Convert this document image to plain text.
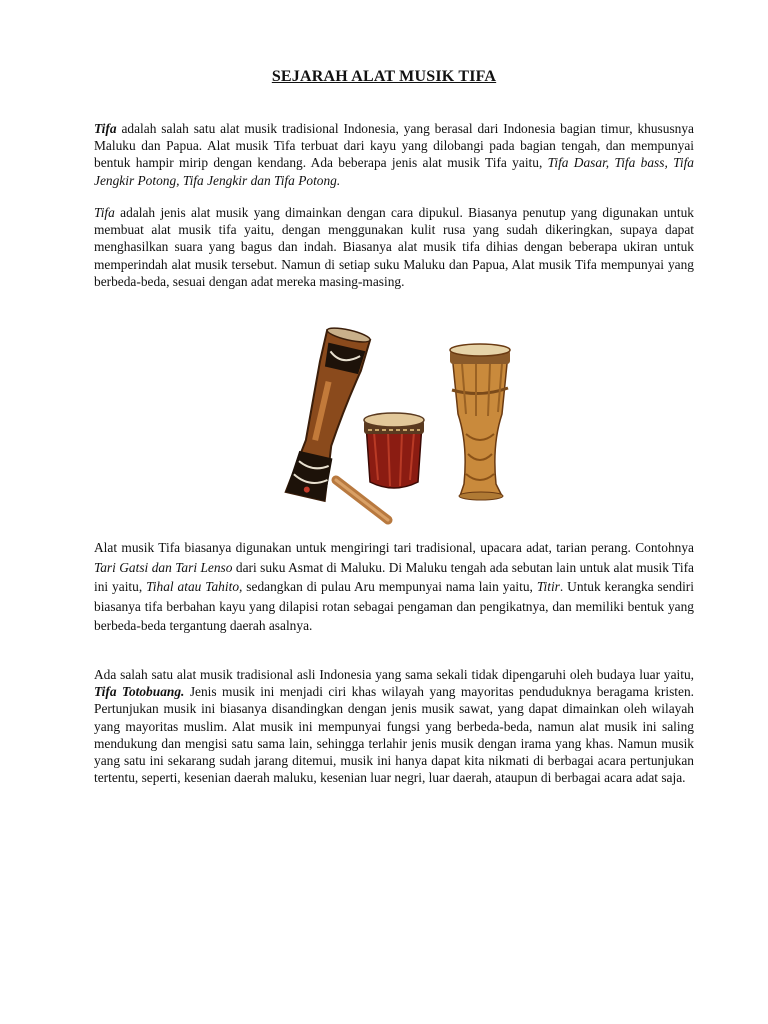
SEJARAH ALAT MUSIK TIFA

Tifa adalah salah satu alat musik tradisional Indonesia, yang berasal dari Indonesia bagian timur, khususnya Maluku dan Papua. Alat musik Tifa terbuat dari kayu yang dilobangi pada bagian tengah, dan mempunyai bentuk hampir mirip dengan kendang. Ada beberapa jenis alat musik Tifa yaitu, Tifa Dasar, Tifa bass, Tifa Jengkir Potong, Tifa Jengkir dan Tifa Potong.

Tifa adalah jenis alat musik yang dimainkan dengan cara dipukul. Biasanya penutup yang digunakan untuk membuat alat musik tifa yaitu, dengan menggunakan kulit rusa yang sudah dikeringkan, supaya dapat menghasilkan suara yang bagus dan indah. Biasanya alat musik tifa dihias dengan beberapa ukiran untuk memperindah alat musik tersebut. Namun di setiap suku Maluku dan Papua, Alat musik Tifa mempunyai yang berbeda-beda, sesuai dengan adat mereka masing-masing.

Alat musik Tifa biasanya digunakan untuk mengiringi tari tradisional, upacara adat, tarian perang. Contohnya Tari Gatsi dan Tari Lenso dari suku Asmat di Maluku. Di Maluku tengah ada sebutan lain untuk alat musik Tifa ini yaitu, Tihal atau Tahito, sedangkan di pulau Aru mempunyai nama lain yaitu, Titir. Untuk kerangka sendiri biasanya tifa berbahan kayu yang dilapisi rotan sebagai pengaman dan pengikatnya, dan memiliki bentuk yang berbeda-beda tergantung daerah asalnya.

Ada salah satu alat musik tradisional asli Indonesia yang sama sekali tidak dipengaruhi oleh budaya luar yaitu, Tifa Totobuang. Jenis musik ini menjadi ciri khas wilayah yang mayoritas penduduknya beragama kristen. Pertunjukan musik ini biasanya disandingkan dengan jenis musik sawat, yang dapat dimainkan oleh wilayah yang mayoritas muslim. Alat musik ini mempunyai fungsi yang berbeda-beda, namun alat musik ini saling mendukung dan mengisi satu sama lain, sehingga terlahir jenis musik dengan irama yang khas. Namun musik yang satu ini sekarang sudah jarang ditemui, musik ini hanya dapat kita nikmati di berbagai acara pertunjukan tertentu, seperti, kesenian daerah maluku, kesenian luar negri, luar daerah, ataupun di berbagai acara adat saja.
